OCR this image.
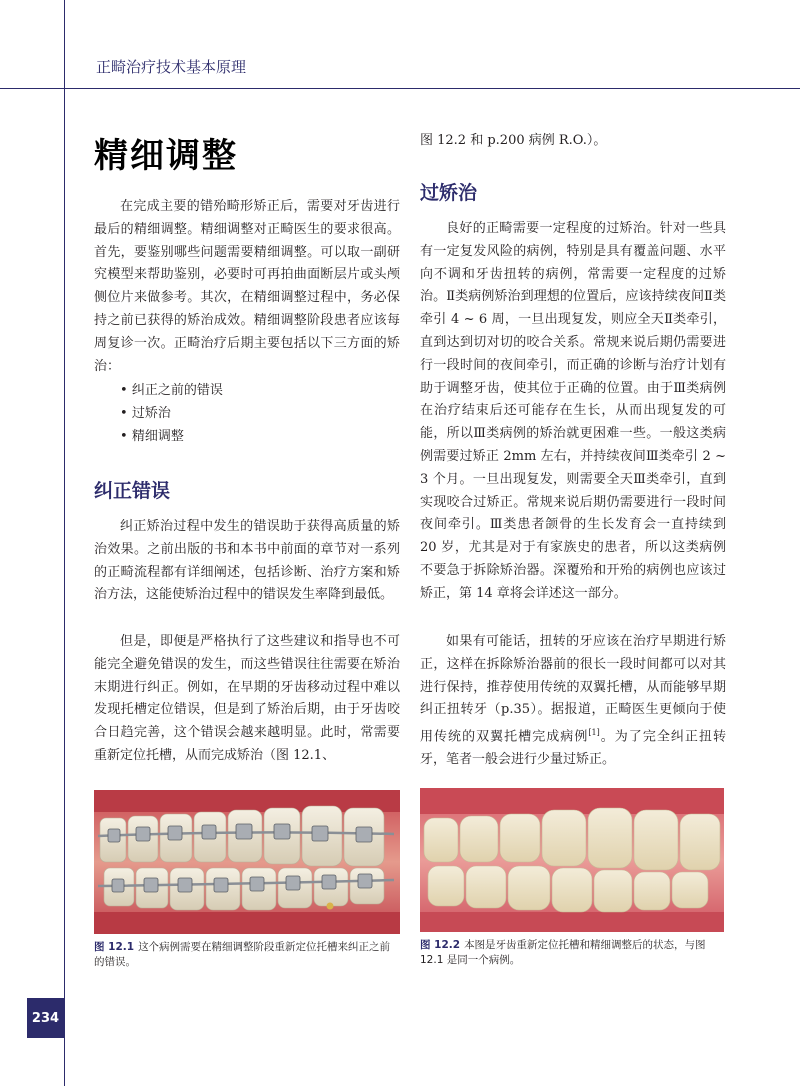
正畸治疗技术基本原理
精细调整

在完成主要的错殆畸形矫正后，需要对牙齿进行最后的精细调整。精细调整对正畸医生的要求很高。首先，要鉴别哪些问题需要精细调整。可以取一副研究模型来帮助鉴别，必要时可再拍曲面断层片或头颅侧位片来做参考。其次，在精细调整过程中，务必保持之前已获得的矫治成效。精细调整阶段患者应该每周复诊一次。正畸治疗后期主要包括以下三方面的矫治：

• 纠正之前的错误
• 过矫治
• 精细调整
纠正错误

纠正矫治过程中发生的错误助于获得高质量的矫治效果。之前出版的书和本书中前面的章节对一系列的正畸流程都有详细阐述，包括诊断、治疗方案和矫治方法，这能使矫治过程中的错误发生率降到最低。

但是，即便是严格执行了这些建议和指导也不可能完全避免错误的发生，而这些错误往往需要在矫治末期进行纠正。例如，在早期的牙齿移动过程中难以发现托槽定位错误，但是到了矫治后期，由于牙齿咬合日趋完善，这个错误会越来越明显。此时，常需要重新定位托槽，从而完成矫治（图 12.1、

图 12.2 和 p.200 病例 R.O.）。

过矫治

良好的正畸需要一定程度的过矫治。针对一些具有一定复发风险的病例，特别是具有覆盖问题、水平向不调和牙齿扭转的病例，常需要一定程度的过矫治。Ⅱ类病例矫治到理想的位置后，应该持续夜间Ⅱ类牵引 4 ~ 6 周，一旦出现复发，则应全天Ⅱ类牵引，直到达到切对切的咬合关系。常规来说后期仍需要进行一段时间的夜间牵引，而正确的诊断与治疗计划有助于调整牙齿，使其位于正确的位置。由于Ⅲ类病例在治疗结束后还可能存在生长，从而出现复发的可能，所以Ⅲ类病例的矫治就更困难一些。一般这类病例需要过矫正 2mm 左右，并持续夜间Ⅲ类牵引 2 ~ 3 个月。一旦出现复发，则需要全天Ⅲ类牵引，直到实现咬合过矫正。常规来说后期仍需要进行一段时间夜间牵引。Ⅲ类患者颌骨的生长发育会一直持续到 20 岁，尤其是对于有家族史的患者，所以这类病例不要急于拆除矫治器。深覆殆和开殆的病例也应该过矫正，第 14 章将会详述这一部分。

如果有可能话，扭转的牙应该在治疗早期进行矫正，这样在拆除矫治器前的很长一段时间都可以对其进行保持，推荐使用传统的双翼托槽，从而能够早期纠正扭转牙（p.35）。据报道，正畸医生更倾向于使用传统的双翼托槽完成病例[1]。为了完全纠正扭转牙，笔者一般会进行少量过矫正。

图 12.1 这个病例需要在精细调整阶段重新定位托槽来纠正之前的错误。

图 12.2 本图是牙齿重新定位托槽和精细调整后的状态，与图 12.1 是同一个病例。

234
